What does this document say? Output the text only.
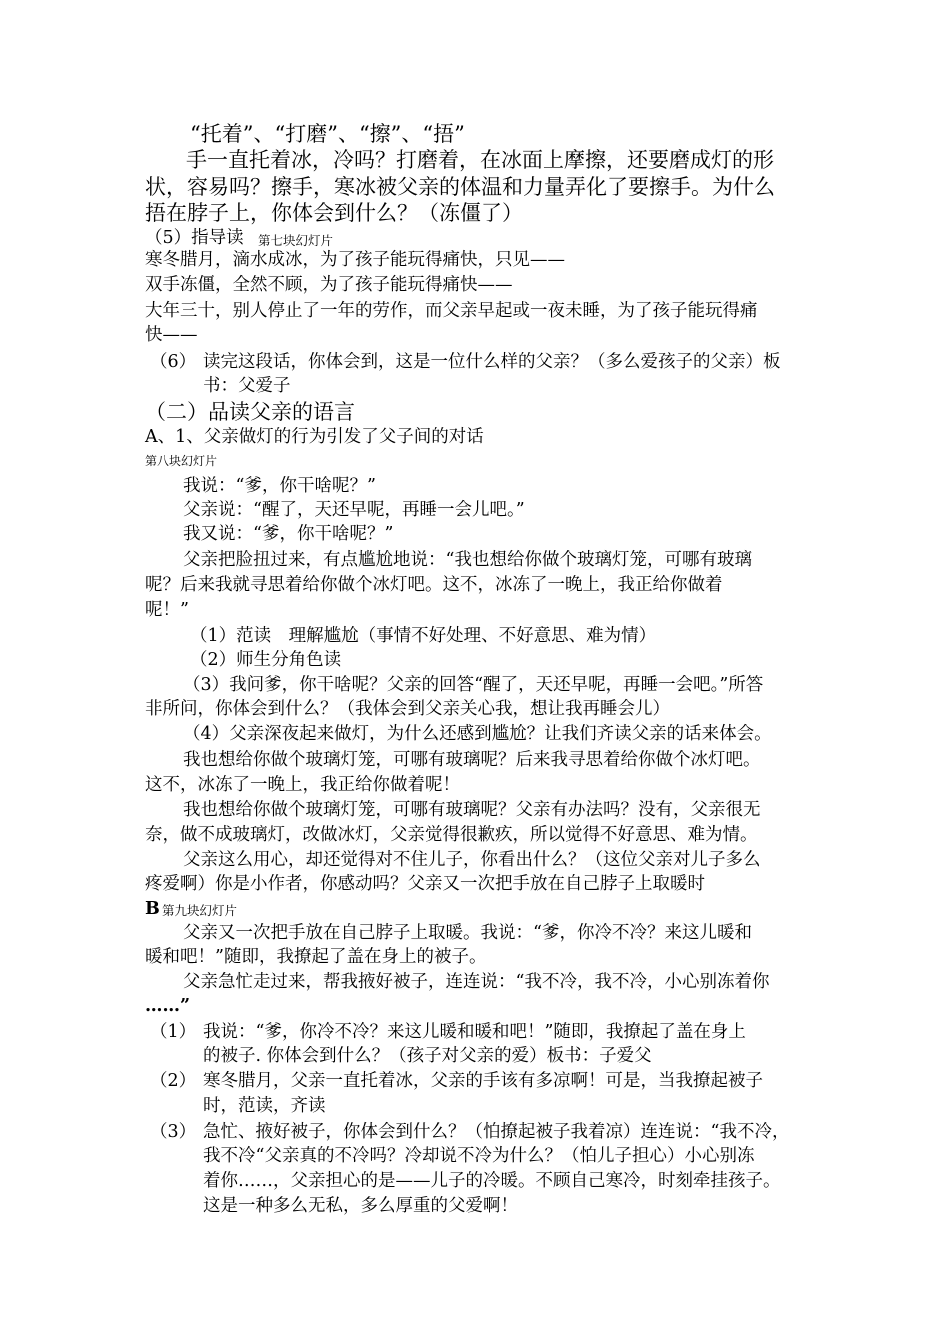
“托着”、“打磨”、“擦”、“捂”
手一直托着冰，冷吗？打磨着，在冰面上摩擦，还要磨成灯的形
状，容易吗？擦手，寒冰被父亲的体温和力量弄化了要擦手。为什么
捂在脖子上，你体会到什么？（冻僵了）
（5）指导读 第七块幻灯片
寒冬腊月，滴水成冰，为了孩子能玩得痛快，只见——
双手冻僵，全然不顾，为了孩子能玩得痛快——
大年三十，别人停止了一年的劳作，而父亲早起或一夜未睡，为了孩子能玩得痛
快——
（6） 读完这段话，你体会到，这是一位什么样的父亲？（多么爱孩子的父亲）板
书：父爱子
（二）品读父亲的语言
A、1、父亲做灯的行为引发了父子间的对话
第八块幻灯片
我说：“爹，你干啥呢？”
父亲说：“醒了，天还早呢，再睡一会儿吧。”
我又说：“爹，你干啥呢？”
父亲把脸扭过来，有点尴尬地说：“我也想给你做个玻璃灯笼，可哪有玻璃
呢？后来我就寻思着给你做个冰灯吧。这不，冰冻了一晚上，我正给你做着
呢！”
（1）范读　理解尴尬（事情不好处理、不好意思、难为情）
（2）师生分角色读
（3）我问爹，你干啥呢？父亲的回答“醒了，天还早呢，再睡一会吧。”所答
非所问，你体会到什么？（我体会到父亲关心我，想让我再睡会儿）
（4）父亲深夜起来做灯，为什么还感到尴尬？让我们齐读父亲的话来体会。
我也想给你做个玻璃灯笼，可哪有玻璃呢？后来我寻思着给你做个冰灯吧。
这不，冰冻了一晚上，我正给你做着呢！
我也想给你做个玻璃灯笼，可哪有玻璃呢？父亲有办法吗？没有，父亲很无
奈，做不成玻璃灯，改做冰灯，父亲觉得很歉疚，所以觉得不好意思、难为情。
父亲这么用心，却还觉得对不住儿子，你看出什么？（这位父亲对儿子多么
疼爱啊）你是小作者，你感动吗？父亲又一次把手放在自己脖子上取暖时
B 第九块幻灯片
父亲又一次把手放在自己脖子上取暖。我说：“爹，你冷不冷？来这儿暖和
暖和吧！”随即，我撩起了盖在身上的被子。
父亲急忙走过来，帮我掖好被子，连连说：“我不冷，我不冷，小心别冻着你
……”
（1） 我说：“爹，你冷不冷？来这儿暖和暖和吧！”随即，我撩起了盖在身上
的被子. 你体会到什么？（孩子对父亲的爱）板书：子爱父
（2） 寒冬腊月，父亲一直托着冰，父亲的手该有多凉啊！可是，当我撩起被子
时，范读，齐读
（3） 急忙、掖好被子，你体会到什么？（怕撩起被子我着凉）连连说：“我不冷，
我不冷“父亲真的不冷吗？冷却说不冷为什么？（怕儿子担心）小心别冻
着你……，父亲担心的是——儿子的冷暖。不顾自己寒冷，时刻牵挂孩子。
这是一种多么无私，多么厚重的父爱啊！
